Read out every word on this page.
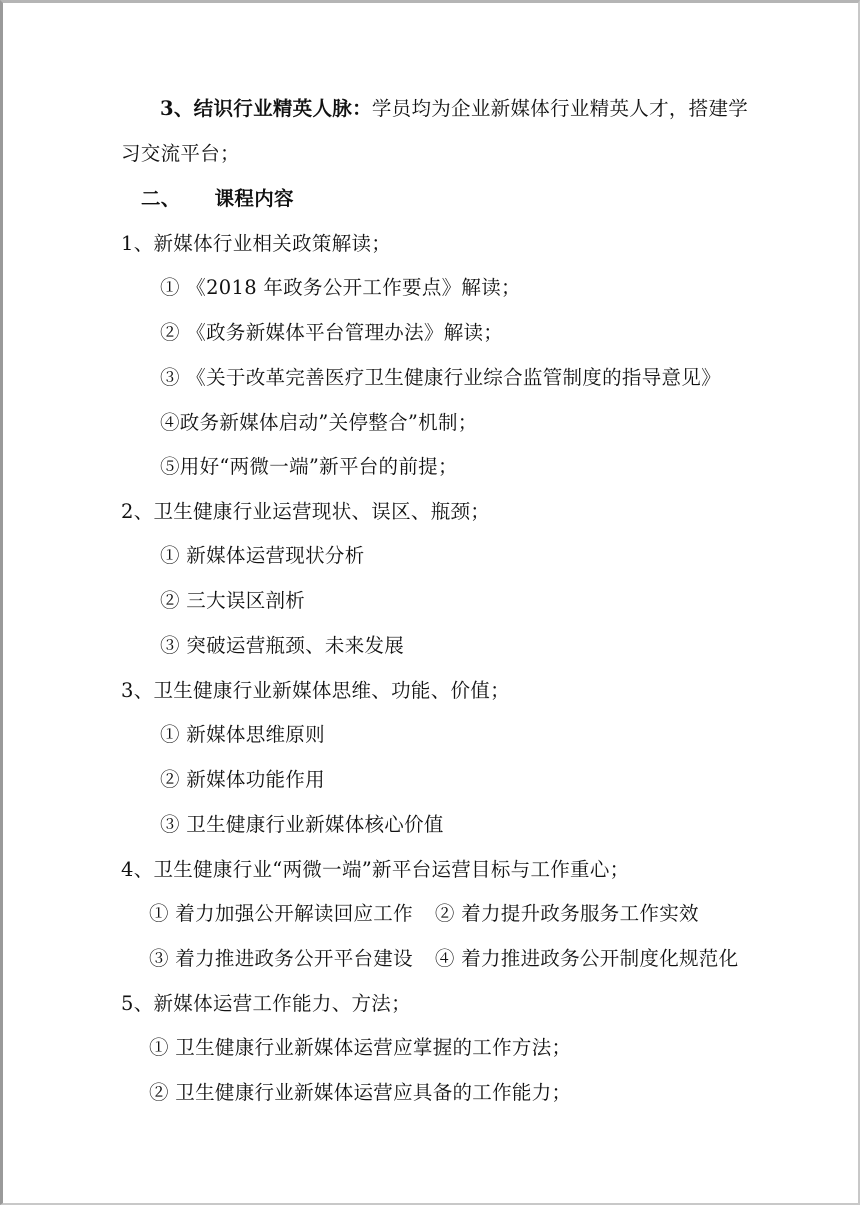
3、结识行业精英人脉：学员均为企业新媒体行业精英人才，搭建学
习交流平台；
二、 课程内容
1、新媒体行业相关政策解读；
① 《2018 年政务公开工作要点》解读；
② 《政务新媒体平台管理办法》解读；
③ 《关于改革完善医疗卫生健康行业综合监管制度的指导意见》
④政务新媒体启动”关停整合”机制；
⑤用好“两微一端”新平台的前提；
2、卫生健康行业运营现状、误区、瓶颈；
① 新媒体运营现状分析
② 三大误区剖析
③ 突破运营瓶颈、未来发展
3、卫生健康行业新媒体思维、功能、价值；
① 新媒体思维原则
② 新媒体功能作用
③ 卫生健康行业新媒体核心价值
4、卫生健康行业“两微一端”新平台运营目标与工作重心；
① 着力加强公开解读回应工作 ② 着力提升政务服务工作实效
③ 着力推进政务公开平台建设 ④ 着力推进政务公开制度化规范化
5、新媒体运营工作能力、方法；
① 卫生健康行业新媒体运营应掌握的工作方法；
② 卫生健康行业新媒体运营应具备的工作能力；
